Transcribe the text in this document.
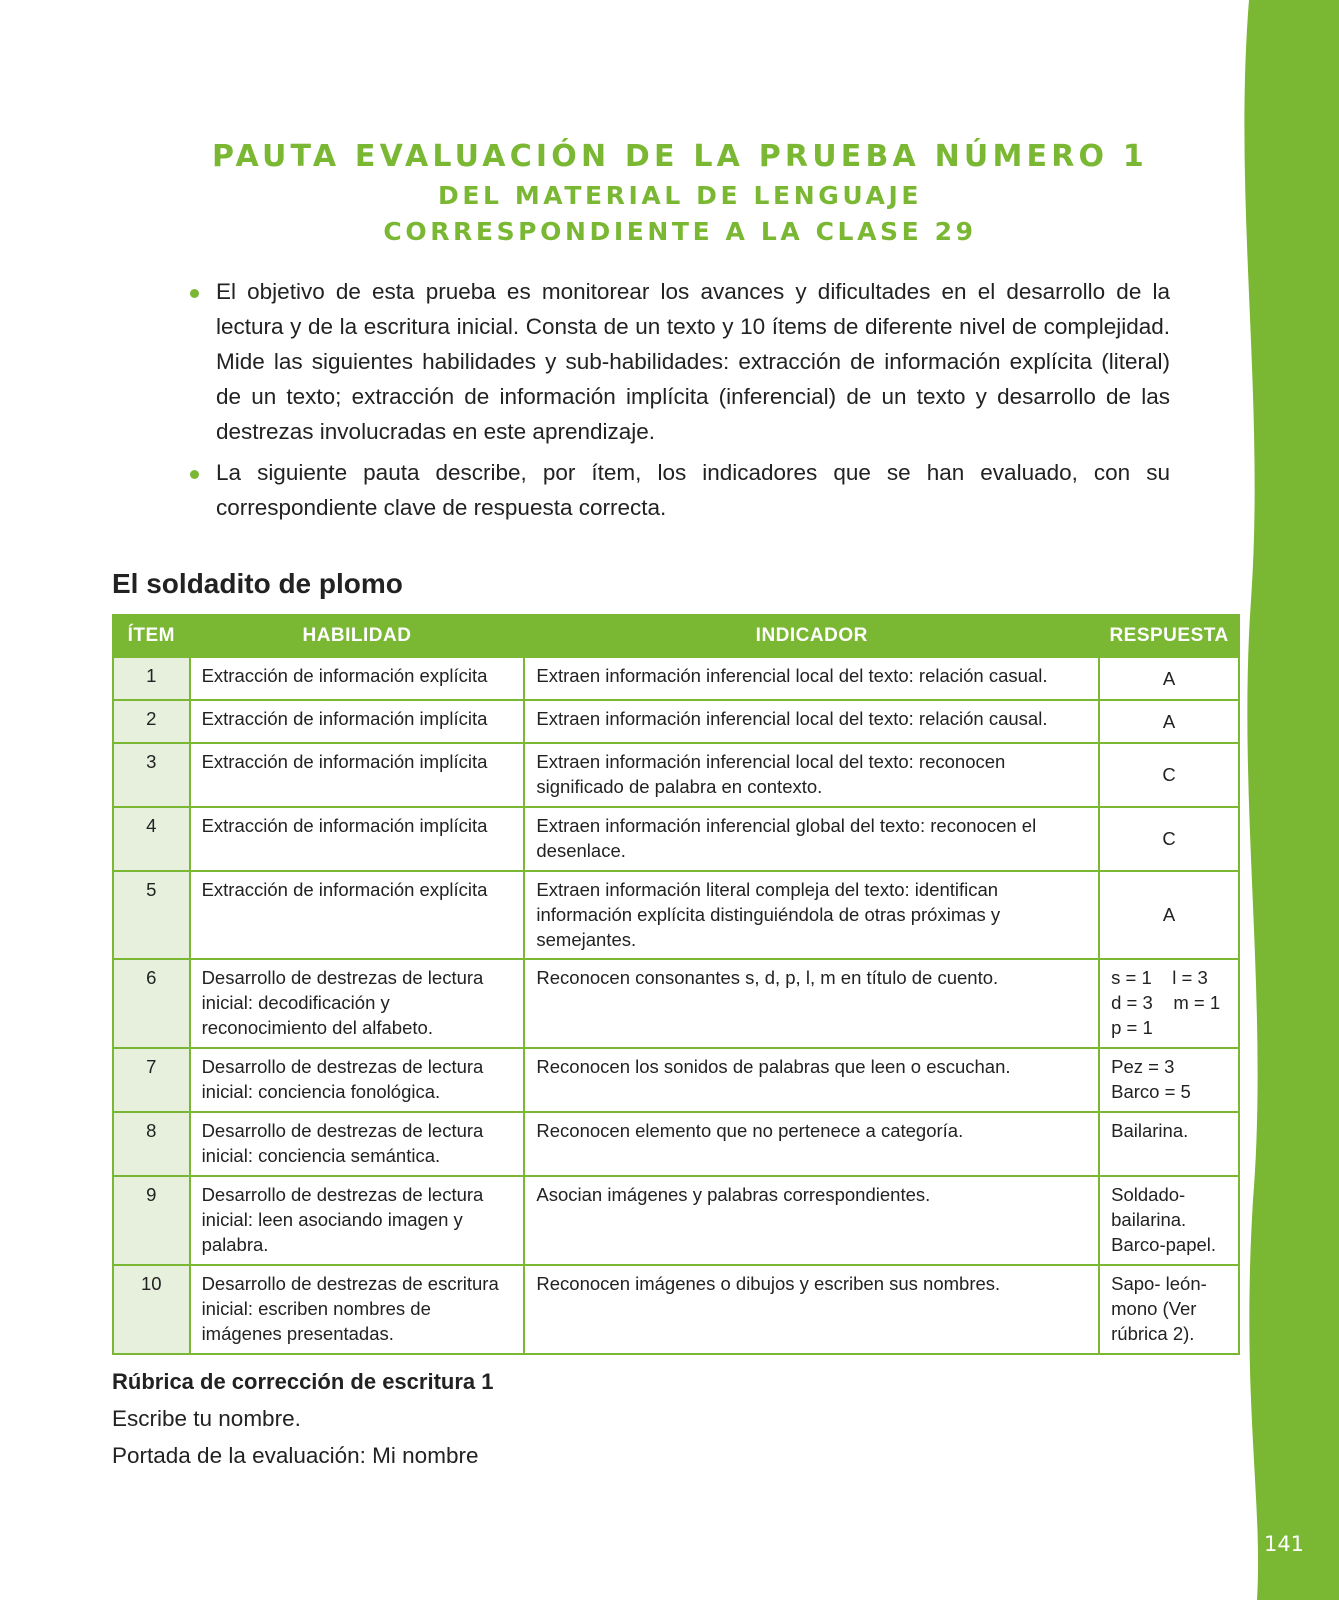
141
PAUTA EVALUACIÓN DE LA PRUEBA NÚMERO 1
DEL MATERIAL DE LENGUAJE
CORRESPONDIENTE A LA CLASE 29
El objetivo de esta prueba es monitorear los avances y dificultades en el desarrollo de la lectura y de la escritura inicial. Consta de un texto y 10 ítems de diferente nivel de complejidad. Mide las siguientes habilidades y sub-habilidades: extracción de información explícita (literal) de un texto; extracción de información implícita (inferencial) de un texto y desarrollo de las destrezas involucradas en este aprendizaje.
La siguiente pauta describe, por ítem, los indicadores que se han evaluado, con su correspondiente clave de respuesta correcta.
El soldadito de plomo
ÍTEM	HABILIDAD	INDICADOR	RESPUESTA
1	Extracción de información explícita	Extraen información inferencial local del texto: relación casual.	A

2	Extracción de información implícita	Extraen información inferencial local del texto: relación causal.	A

3	Extracción de información implícita	Extraen información inferencial local del texto: reconocen significado de palabra en contexto.	C

4	Extracción de información implícita	Extraen información inferencial global del texto: reconocen el desenlace.	C

5	Extracción de información explícita	Extraen información literal compleja del texto: identifican información explícita distinguiéndola de otras próximas y semejantes.	A

6	Desarrollo de destrezas de lectura inicial: decodificación y reconocimiento del alfabeto.	Reconocen consonantes s, d, p, l, m en título de cuento.	s = 1    l = 3
d = 3    m = 1
p = 1

7	Desarrollo de destrezas de lectura inicial: conciencia fonológica.	Reconocen los sonidos de palabras que leen o escuchan.	Pez = 3
Barco = 5

8	Desarrollo de destrezas de lectura inicial: conciencia semántica.	Reconocen elemento que no pertenece a categoría.	Bailarina.

9	Desarrollo de destrezas de lectura inicial: leen asociando imagen y palabra.	Asocian imágenes y palabras correspondientes.	Soldado-
bailarina.
Barco-papel.

10	Desarrollo de destrezas de escritura inicial: escriben nombres de imágenes presentadas.	Reconocen imágenes o dibujos y escriben sus nombres.	Sapo- león-
mono (Ver
rúbrica 2).
Rúbrica de corrección de escritura 1
Escribe tu nombre.
Portada de la evaluación: Mi nombre
